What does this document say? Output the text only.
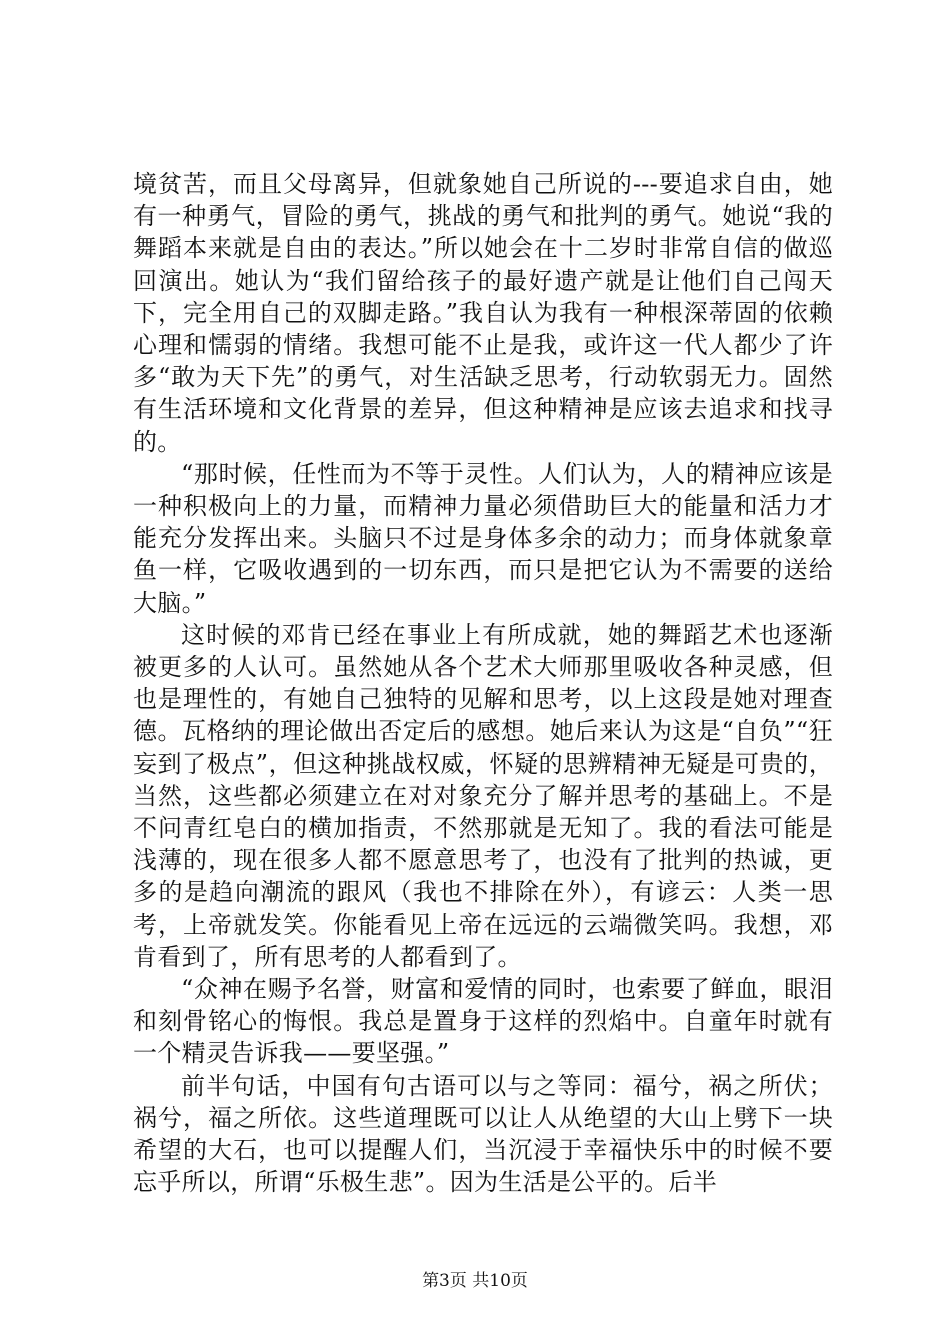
境贫苦，而且父母离异，但就象她自己所说的---要追求自由，她有一种勇气，冒险的勇气，挑战的勇气和批判的勇气。她说“我的舞蹈本来就是自由的表达。”所以她会在十二岁时非常自信的做巡回演出。她认为“我们留给孩子的最好遗产就是让他们自己闯天下，完全用自己的双脚走路。”我自认为我有一种根深蒂固的依赖心理和懦弱的情绪。我想可能不止是我，或许这一代人都少了许多“敢为天下先”的勇气，对生活缺乏思考，行动软弱无力。固然有生活环境和文化背景的差异，但这种精神是应该去追求和找寻的。

“那时候，任性而为不等于灵性。人们认为，人的精神应该是一种积极向上的力量，而精神力量必须借助巨大的能量和活力才能充分发挥出来。头脑只不过是身体多余的动力；而身体就象章鱼一样，它吸收遇到的一切东西，而只是把它认为不需要的送给大脑。”

这时候的邓肯已经在事业上有所成就，她的舞蹈艺术也逐渐被更多的人认可。虽然她从各个艺术大师那里吸收各种灵感，但也是理性的，有她自己独特的见解和思考，以上这段是她对理查德。瓦格纳的理论做出否定后的感想。她后来认为这是“自负”“狂妄到了极点”，但这种挑战权威，怀疑的思辨精神无疑是可贵的，当然，这些都必须建立在对对象充分了解并思考的基础上。不是不问青红皂白的横加指责，不然那就是无知了。我的看法可能是浅薄的，现在很多人都不愿意思考了，也没有了批判的热诚，更多的是趋向潮流的跟风（我也不排除在外），有谚云：人类一思考，上帝就发笑。你能看见上帝在远远的云端微笑吗。我想，邓肯看到了，所有思考的人都看到了。

“众神在赐予名誉，财富和爱情的同时，也索要了鲜血，眼泪和刻骨铭心的悔恨。我总是置身于这样的烈焰中。自童年时就有一个精灵告诉我——要坚强。”

前半句话，中国有句古语可以与之等同：福兮，祸之所伏；祸兮，福之所依。这些道理既可以让人从绝望的大山上劈下一块希望的大石，也可以提醒人们，当沉浸于幸福快乐中的时候不要忘乎所以，所谓“乐极生悲”。因为生活是公平的。后半

第3页 共10页
